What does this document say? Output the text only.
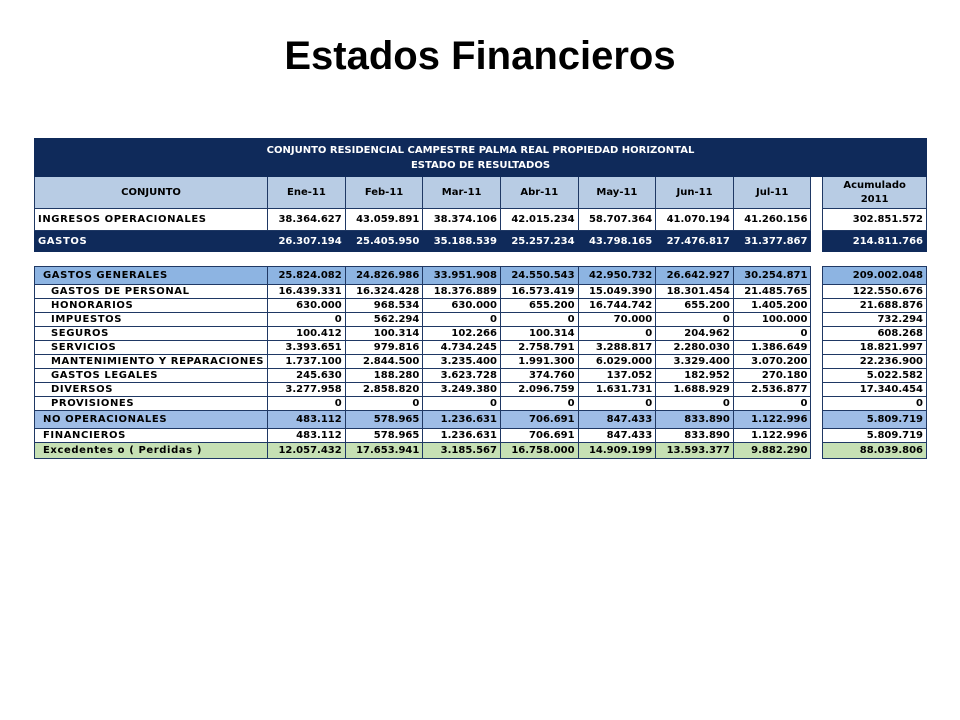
Estados Financieros
CONJUNTO RESIDENCIAL CAMPESTRE PALMA REAL PROPIEDAD HORIZONTAL
ESTADO DE RESULTADOS									

CONJUNTO	Ene-11	Feb-11	Mar-11	Abr-11	May-11	Jun-11	Jul-11		Acumulado
2011

INGRESOS OPERACIONALES	38.364.627	43.059.891	38.374.106	42.015.234	58.707.364	41.070.194	41.260.156		302.851.572
GASTOS	26.307.194	25.405.950	35.188.539	25.257.234	43.798.165	27.476.817	31.377.867		214.811.766

GASTOS GENERALES	25.824.082	24.826.986	33.951.908	24.550.543	42.950.732	26.642.927	30.254.871		209.002.048
GASTOS DE PERSONAL	16.439.331	16.324.428	18.376.889	16.573.419	15.049.390	18.301.454	21.485.765		122.550.676
HONORARIOS	630.000	968.534	630.000	655.200	16.744.742	655.200	1.405.200		21.688.876
IMPUESTOS	0	562.294	0	0	70.000	0	100.000		732.294
SEGUROS	100.412	100.314	102.266	100.314	0	204.962	0		608.268
SERVICIOS	3.393.651	979.816	4.734.245	2.758.791	3.288.817	2.280.030	1.386.649		18.821.997
MANTENIMIENTO Y REPARACIONES	1.737.100	2.844.500	3.235.400	1.991.300	6.029.000	3.329.400	3.070.200		22.236.900
GASTOS LEGALES	245.630	188.280	3.623.728	374.760	137.052	182.952	270.180		5.022.582
DIVERSOS	3.277.958	2.858.820	3.249.380	2.096.759	1.631.731	1.688.929	2.536.877		17.340.454
PROVISIONES	0	0	0	0	0	0	0		0
NO OPERACIONALES	483.112	578.965	1.236.631	706.691	847.433	833.890	1.122.996		5.809.719
FINANCIEROS	483.112	578.965	1.236.631	706.691	847.433	833.890	1.122.996		5.809.719
Excedentes o ( Perdidas )	12.057.432	17.653.941	3.185.567	16.758.000	14.909.199	13.593.377	9.882.290		88.039.806
